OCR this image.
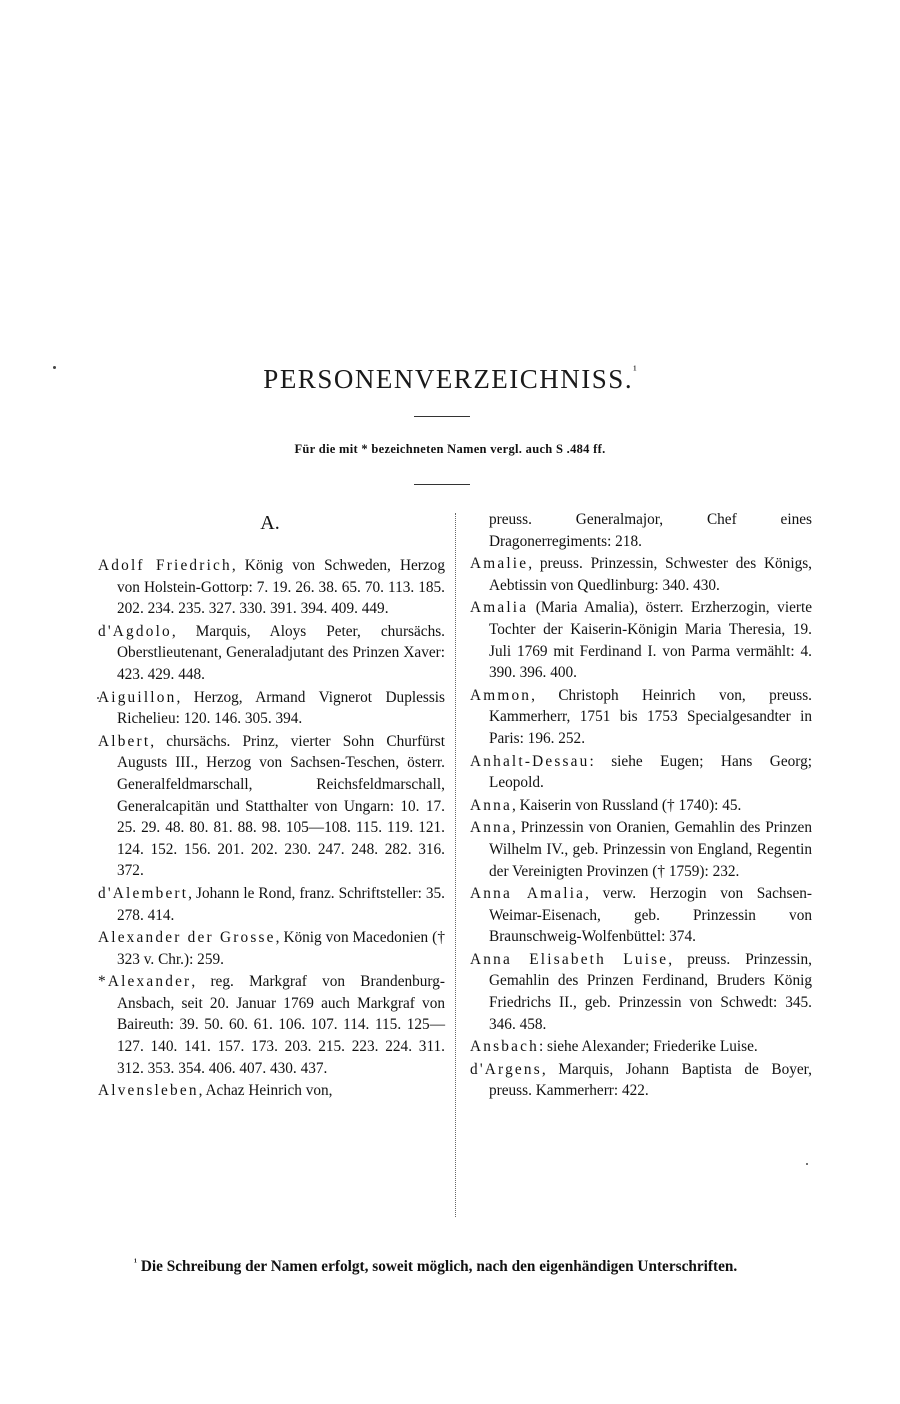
PERSONENVERZEICHNISS.$^{^1}$
Für die mit * bezeichneten Namen vergl. auch S .484 ff.
A.
Adolf Friedrich, König von Schweden, Herzog von Holstein-Gottorp: 7. 19. 26. 38. 65. 70. 113. 185. 202. 234. 235. 327. 330. 391. 394. 409. 449.
d'Agdolo, Marquis, Aloys Peter, chursächs. Oberstlieutenant, Generaladjutant des Prinzen Xaver: 423. 429. 448.
Aiguillon, Herzog, Armand Vignerot Duplessis Richelieu: 120. 146. 305. 394.
Albert, chursächs. Prinz, vierter Sohn Churfürst Augusts III., Herzog von Sachsen-Teschen, österr. Generalfeldmarschall, Reichsfeldmarschall, Generalcapitän und Statthalter von Ungarn: 10. 17. 25. 29. 48. 80. 81. 88. 98. 105—108. 115. 119. 121. 124. 152. 156. 201. 202. 230. 247. 248. 282. 316. 372.
d'Alembert, Johann le Rond, franz. Schriftsteller: 35. 278. 414.
Alexander der Grosse, König von Macedonien († 323 v. Chr.): 259.
*Alexander, reg. Markgraf von Brandenburg-Ansbach, seit 20. Januar 1769 auch Markgraf von Baireuth: 39. 50. 60. 61. 106. 107. 114. 115. 125—127. 140. 141. 157. 173. 203. 215. 223. 224. 311. 312. 353. 354. 406. 407. 430. 437.
Alvensleben, Achaz Heinrich von,
preuss. Generalmajor, Chef eines Dragonerregiments: 218.
Amalie, preuss. Prinzessin, Schwester des Königs, Aebtissin von Quedlinburg: 340. 430.
Amalia (Maria Amalia), österr. Erzherzogin, vierte Tochter der Kaiserin-Königin Maria Theresia, 19. Juli 1769 mit Ferdinand I. von Parma vermählt: 4. 390. 396. 400.
Ammon, Christoph Heinrich von, preuss. Kammerherr, 1751 bis 1753 Specialgesandter in Paris: 196. 252.
Anhalt-Dessau: siehe Eugen; Hans Georg; Leopold.
Anna, Kaiserin von Russland († 1740): 45.
Anna, Prinzessin von Oranien, Gemahlin des Prinzen Wilhelm IV., geb. Prinzessin von England, Regentin der Vereinigten Provinzen († 1759): 232.
Anna Amalia, verw. Herzogin von Sachsen-Weimar-Eisenach, geb. Prinzessin von Braunschweig-Wolfenbüttel: 374.
Anna Elisabeth Luise, preuss. Prinzessin, Gemahlin des Prinzen Ferdinand, Bruders König Friedrichs II., geb. Prinzessin von Schwedt: 345. 346. 458.
Ansbach: siehe Alexander; Friederike Luise.
d'Argens, Marquis, Johann Baptista de Boyer, preuss. Kammerherr: 422.
$^{^1}$ Die Schreibung der Namen erfolgt, soweit möglich, nach den eigenhändigen Unterschriften.
